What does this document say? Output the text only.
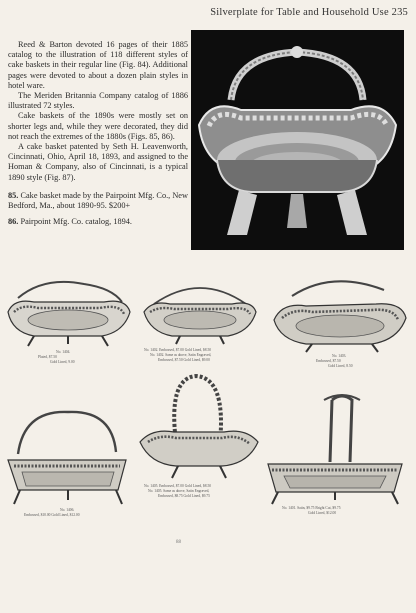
Silverplate for Table and Household Use 235

Reed & Barton devoted 16 pages of their 1885 catalog to the illustration of 118 different styles of cake baskets in their regular line (Fig. 84). Additional pages were devoted to about a dozen plain styles in hotel ware.

The Meriden Britannia Company catalog of 1886 illustrated 72 styles.

Cake baskets of the 1890s were mostly set on shorter legs and, while they were decorated, they did not reach the extremes of the 1880s (Figs. 85, 86).

A cake basket patented by Seth H. Leavenworth, Cincinnati, Ohio, April 18, 1893, and assigned to the Homan & Company, also of Cincinnati, is a typical 1890 style (Fig. 87).

85. Cake basket made by the Pairpoint Mfg. Co., New Bedford, Ma., about 1890-95. $200+

86. Pairpoint Mfg. Co. catalog, 1894.

No. 1404.
Plated, $7.50
Gold Lined, 9.00
No. 1402. Embossed, $7.00 Gold Lined, $8.50
No. 1402. Same as above, Satin Engraved,
Embossed, $7.50 Gold Lined, $9.00
No. 1403.
Embossed, $7.50
Gold Lined, 8.50
No. 1406.
Embossed, $10.00 Gold Lined, $12.00
No. 1405. Embossed, $7.00 Gold Lined, $8.50
No. 1405. Same as above, Satin Engraved,
Embossed, $8.75 Gold Lined, $9.75
No. 1401. Satin, $9.75 Bright Cut, $9.75
Gold Lined, $12.00
88
